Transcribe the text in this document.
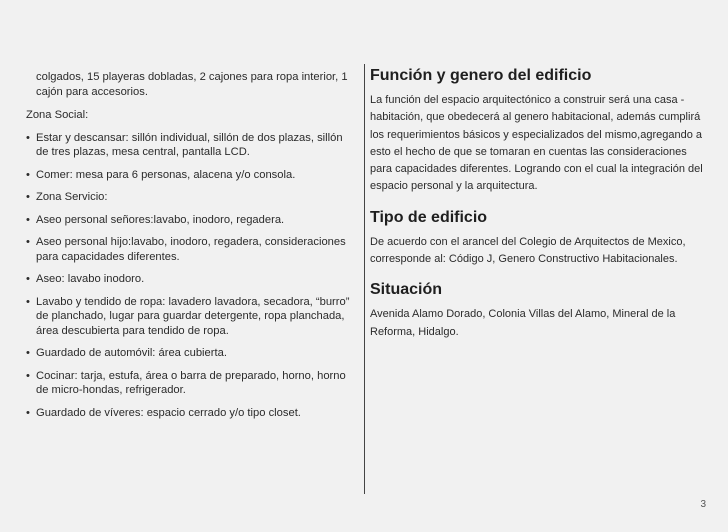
colgados, 15 playeras dobladas, 2 cajones para ropa interior, 1 cajón para accesorios.

Zona Social:

• Estar y descansar: sillón individual, sillón de dos plazas, sillón de tres plazas, mesa central, pantalla LCD.
• Comer: mesa para 6 personas, alacena y/o consola.
• Zona Servicio:
• Aseo personal señores:lavabo, inodoro, regadera.
• Aseo personal hijo:lavabo, inodoro, regadera, consideraciones para capacidades diferentes.
• Aseo: lavabo inodoro.
• Lavabo y tendido de ropa: lavadero lavadora, secadora, “burro” de planchado, lugar para guardar detergente, ropa planchada, área descubierta para tendido de ropa.
• Guardado de automóvil: área cubierta.
• Cocinar: tarja, estufa, área o barra de preparado, horno, horno de micro-hondas, refrigerador.
• Guardado de víveres: espacio cerrado y/o tipo closet.
Función y genero del edificio

La función del espacio arquitectónico a construir será una casa - habitación, que obedecerá al genero habitacional, además cumplirá los requerimientos básicos y especializados del mismo,agregando a esto el hecho de que se tomaran en cuentas las consideraciones para capacidades diferentes. Logrando con el cual la integración del espacio personal y la arquitectura.

Tipo de edificio

De acuerdo con el arancel del Colegio de Arquitectos de Mexico, corresponde al: Código J, Genero Constructivo Habitacionales.

Situación

Avenida Alamo Dorado, Colonia Villas del Alamo, Mineral de la Reforma, Hidalgo.

3
